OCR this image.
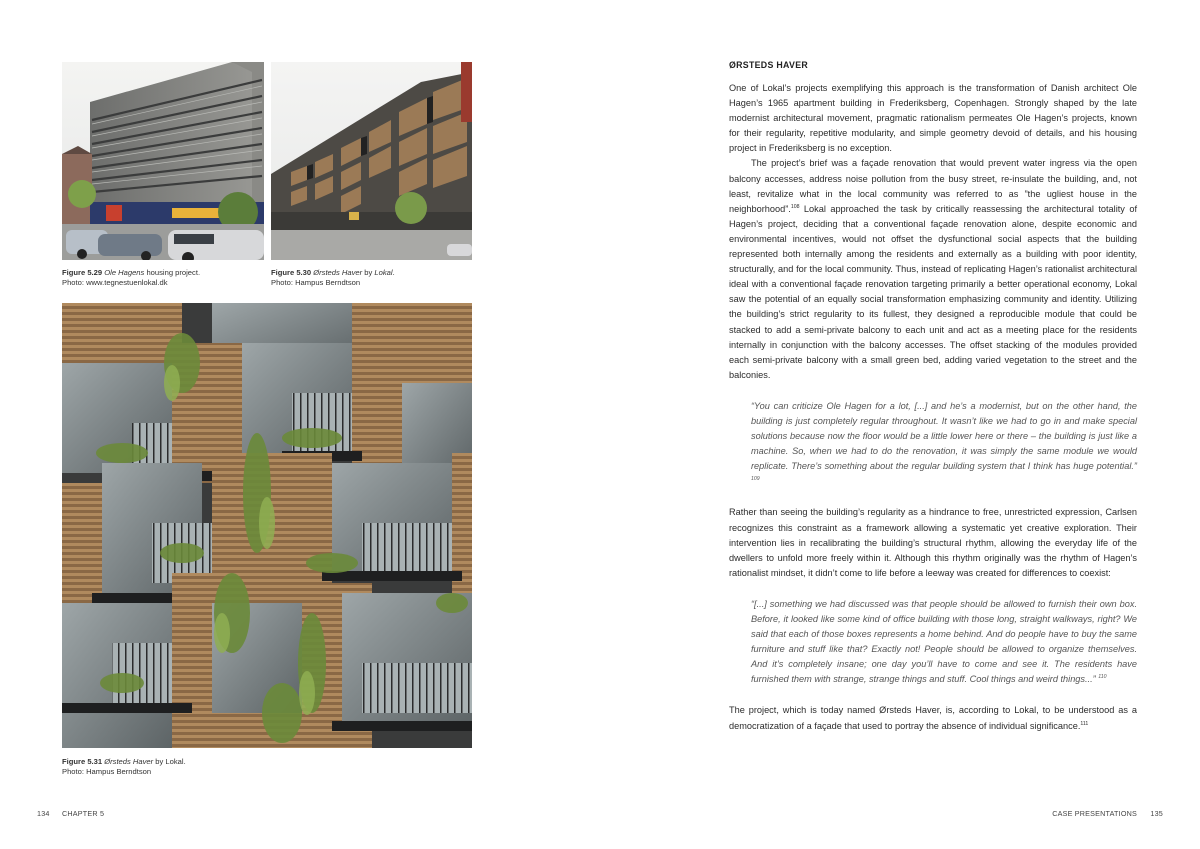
Figure 5.29 Ole Hagens housing project.
Photo: www.tegnestuenlokal.dk
Figure 5.30 Ørsteds Haver by Lokal.
Photo: Hampus Berndtson
Figure 5.31 Ørsteds Haver by Lokal.
Photo: Hampus Berndtson
134 CHAPTER 5
ØRSTEDS HAVER

One of Lokal’s projects exemplifying this approach is the transformation of Danish architect Ole Hagen’s 1965 apartment building in Frederiksberg, Copenhagen. Strongly shaped by the late modernist architectural movement, pragmatic rationalism permeates Ole Hagen’s projects, known for their regularity, repetitive modularity, and simple geometry devoid of details, and his housing project in Frederiksberg is no exception.

The project’s brief was a façade renovation that would prevent water ingress via the open balcony accesses, address noise pollution from the busy street, re-insulate the building, and, not least, revitalize what in the local community was referred to as ”the ugliest house in the neighborhood”.$^{108}$ Lokal approached the task by critically reassessing the architectural totality of Hagen’s project, deciding that a conventional façade renovation alone, despite economic and environmental incentives, would not offset the dysfunctional social aspects that the building represented both internally among the residents and externally as a building with poor identity, structurally, and for the local community. Thus, instead of replicating Hagen’s rationalist architectural ideal with a conventional façade renovation targeting primarily a better operational economy, Lokal saw the potential of an equally social transformation emphasizing community and identity. Utilizing the building’s strict regularity to its fullest, they designed a reproducible module that could be stacked to add a semi-private balcony to each unit and act as a meeting place for the residents internally in conjunction with the balcony accesses. The offset stacking of the modules provided each semi-private balcony with a small green bed, adding varied vegetation to the street and the balconies.

“You can criticize Ole Hagen for a lot, [...] and he’s a modernist, but on the other hand, the building is just completely regular throughout. It wasn’t like we had to go in and make special solutions because now the floor would be a little lower here or there – the building is just like a machine. So, when we had to do the renovation, it was simply the same module we would replicate. There’s something about the regular building system that I think has huge potential.” $^{109}$

Rather than seeing the building’s regularity as a hindrance to free, unrestricted expression, Carlsen recognizes this constraint as a framework allowing a systematic yet creative exploration. Their intervention lies in recalibrating the building’s structural rhythm, allowing the everyday life of the dwellers to unfold more freely within it. Although this rhythm originally was the rhythm of Hagen’s rationalist mindset, it didn’t come to life before a leeway was created for differences to coexist:

“[...] something we had discussed was that people should be allowed to furnish their own box. Before, it looked like some kind of office building with those long, straight walkways, right? We said that each of those boxes represents a home behind. And do people have to buy the same furniture and stuff like that? Exactly not! People should be allowed to organize themselves. And it’s completely insane; one day you’ll have to come and see it. The residents have furnished them with strange, strange things and stuff. Cool things and weird things...” $^{110}$

The project, which is today named Ørsteds Haver, is, according to Lokal, to be understood as a democratization of a façade that used to portray the absence of individual significance.$^{111}$

CASE PRESENTATIONS 135
